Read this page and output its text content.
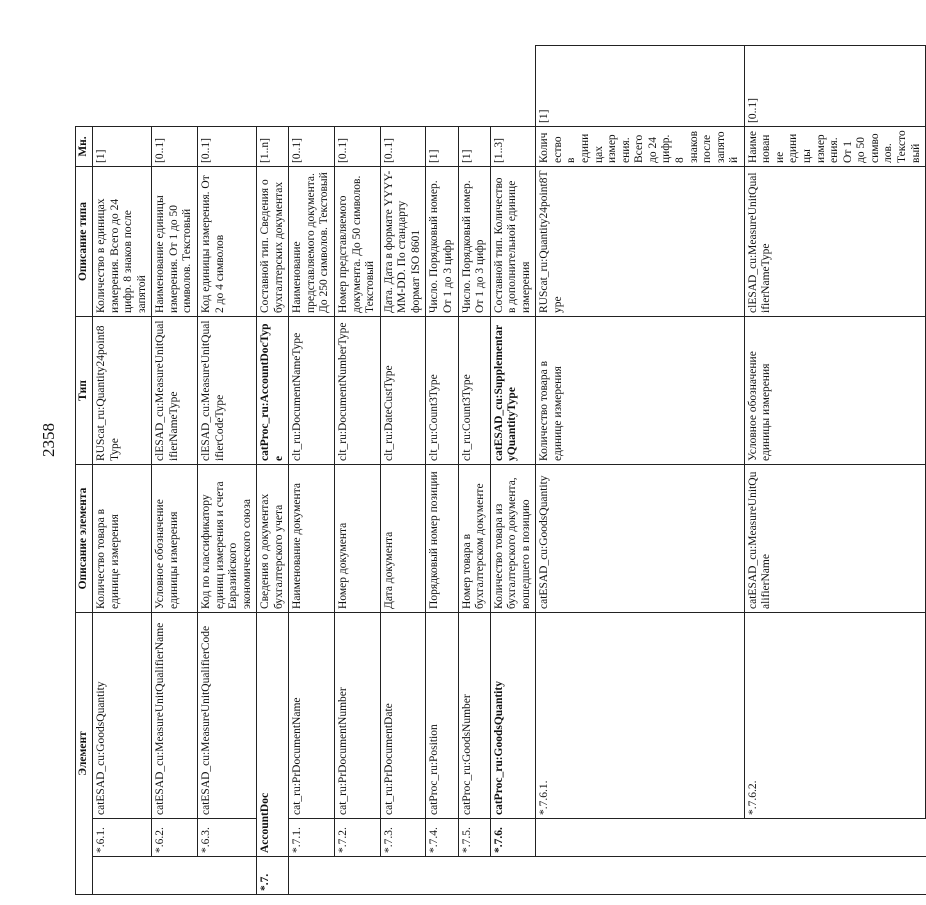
2358
Элемент			Описание элемента	Тип	Описание типа	Мн.	
	*.6.1.	catESAD_cu:GoodsQuantity	Количество товара в единице измерения	RUScat_ru:Quantity24point8Type	Количество в единицах измерения. Всего до 24 цифр. 8 знаков после запятой	[1]	
	*.6.2.	catESAD_cu:MeasureUnitQualifierName	Условное обозначение единицы измерения	clESAD_cu:MeasureUnitQualifierNameType	Наименование единицы измерения. От 1 до 50 символов. Текстовый	[0..1]	
	*.6.3.	catESAD_cu:MeasureUnitQualifierCode	Код по классификатору единиц измерения и счета Евразийского экономического союза	clESAD_cu:MeasureUnitQualifierCodeType	Код единицы измерения. От 2 до 4 символов	[0..1]	
*.7.	AccountDoc		Сведения о документах бухгалтерского учета	catProc_ru:AccountDocType	Составной тип. Сведения о бухгалтерских документах	[1..n]	
	*.7.1.	cat_ru:PrDocumentName	Наименование документа	clt_ru:DocumentNameType	Наименование представляемого документа. До 250 символов. Текстовый	[0..1]	
	*.7.2.	cat_ru:PrDocumentNumber	Номер документа	clt_ru:DocumentNumberType	Номер представляемого документа. До 50 символов. Текстовый	[0..1]	
	*.7.3.	cat_ru:PrDocumentDate	Дата документа	clt_ru:DateCustType	Дата. Дата в формате YYYY-MM-DD. По стандарту формат ISO 8601	[0..1]	
	*.7.4.	catProc_ru:Position	Порядковый номер позиции	clt_ru:Count3Type	Число. Порядковый номер. От 1 до 3 цифр	[1]	
	*.7.5.	catProc_ru:GoodsNumber	Номер товара в бухгалтерском документе	clt_ru:Count3Type	Число. Порядковый номер. От 1 до 3 цифр	[1]	
	*.7.6.	catProc_ru:GoodsQuantity	Количество товара из бухгалтерского документа, вошедшего в позицию	catESAD_cu:SupplementaryQuantityType	Составной тип. Количество в дополнительной единице измерения	[1..3]	
		*.7.6.1.	catESAD_cu:GoodsQuantity	Количество товара в единице измерения	RUScat_ru:Quantity24point8Type	Количество в единицах измерения. Всего до 24 цифр. 8 знаков после запятой	[1]
		*.7.6.2.	catESAD_cu:MeasureUnitQualifierName	Условное обозначение единицы измерения	clESAD_cu:MeasureUnitQualifierNameType	Наименование единицы измерения. От 1 до 50 символов. Текстовый	[0..1]
